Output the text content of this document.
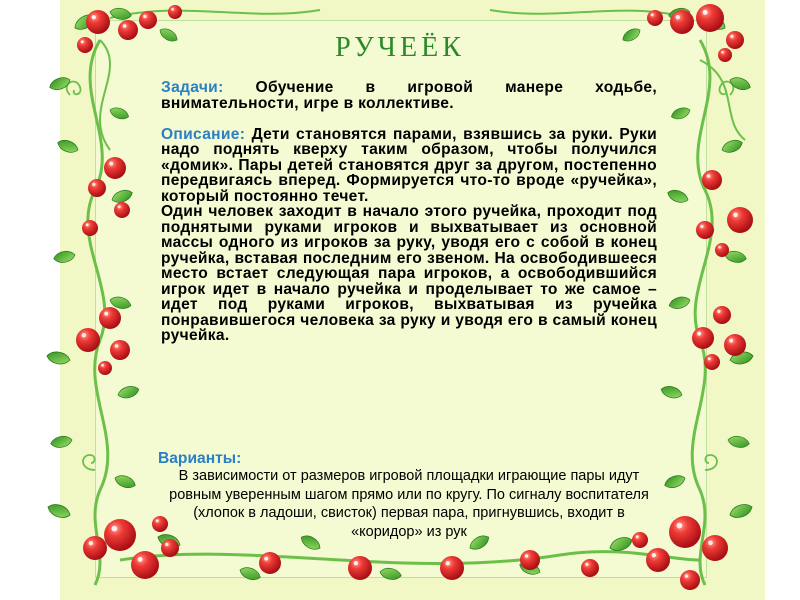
РУЧЕЁК

Задачи: Обучение в игровой манере ходьбе, внимательности, игре в коллективе.

Описание: Дети становятся парами, взявшись за руки. Руки надо поднять кверху таким образом, чтобы получился «домик». Пары детей становятся друг за другом, постепенно передвигаясь вперед. Формируется что-то вроде «ручейка», который постоянно течет.

Один человек заходит в начало этого ручейка, проходит под поднятыми руками игроков и выхватывает из основной массы одного из игроков за руку, уводя его с собой в конец ручейка, вставая последним его звеном. На освободившееся место встает следующая пара игроков, а освободившийся игрок идет в начало ручейка и проделывает то же самое – идет под руками игроков, выхватывая из ручейка понравившегося человека за руку и уводя его в самый конец ручейка.

Варианты:
В зависимости от размеров игровой площадки играющие пары идут ровным уверенным шагом прямо или по кругу. По сигналу воспитателя (хлопок в ладоши, свисток) первая пара, пригнувшись, входит в «коридор» из рук
